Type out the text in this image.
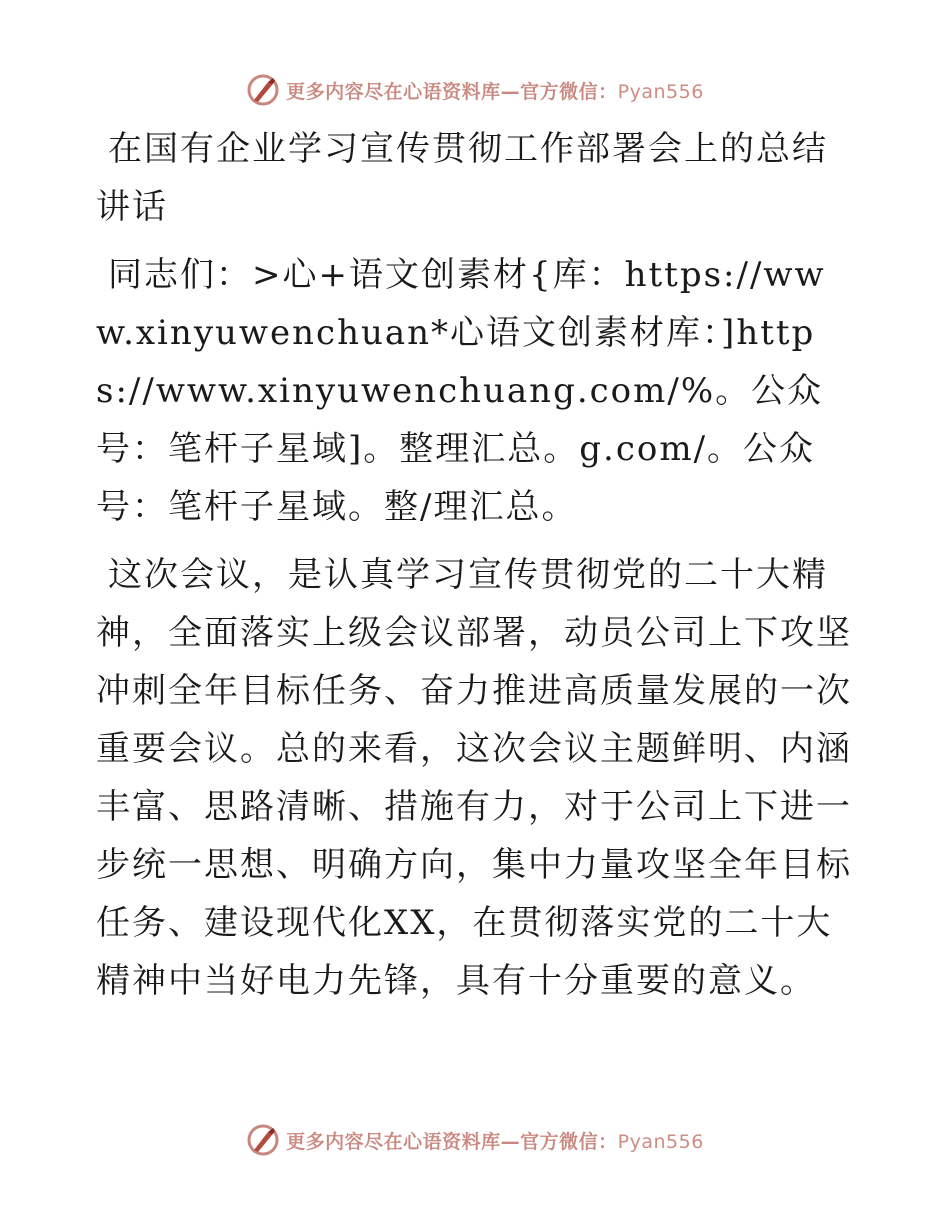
更多内容尽在心语资料库—官方微信：Pyan556
在国有企业学习宣传贯彻工作部署会上的总结讲话

同志们：>心+语文创素材{库：https://www.xinyuwenchuan*心语文创素材库：]https://www.xinyuwenchuang.com/%。公众号：笔杆子星域]。整理汇总。g.com/。公众号：笔杆子星域。整/理汇总。

这次会议，是认真学习宣传贯彻党的二十大精神，全面落实上级会议部署，动员公司上下攻坚冲刺全年目标任务、奋力推进高质量发展的一次重要会议。总的来看，这次会议主题鲜明、内涵丰富、思路清晰、措施有力，对于公司上下进一步统一思想、明确方向，集中力量攻坚全年目标任务、建设现代化XX，在贯彻落实党的二十大精神中当好电力先锋，具有十分重要的意义。

更多内容尽在心语资料库—官方微信：Pyan556
